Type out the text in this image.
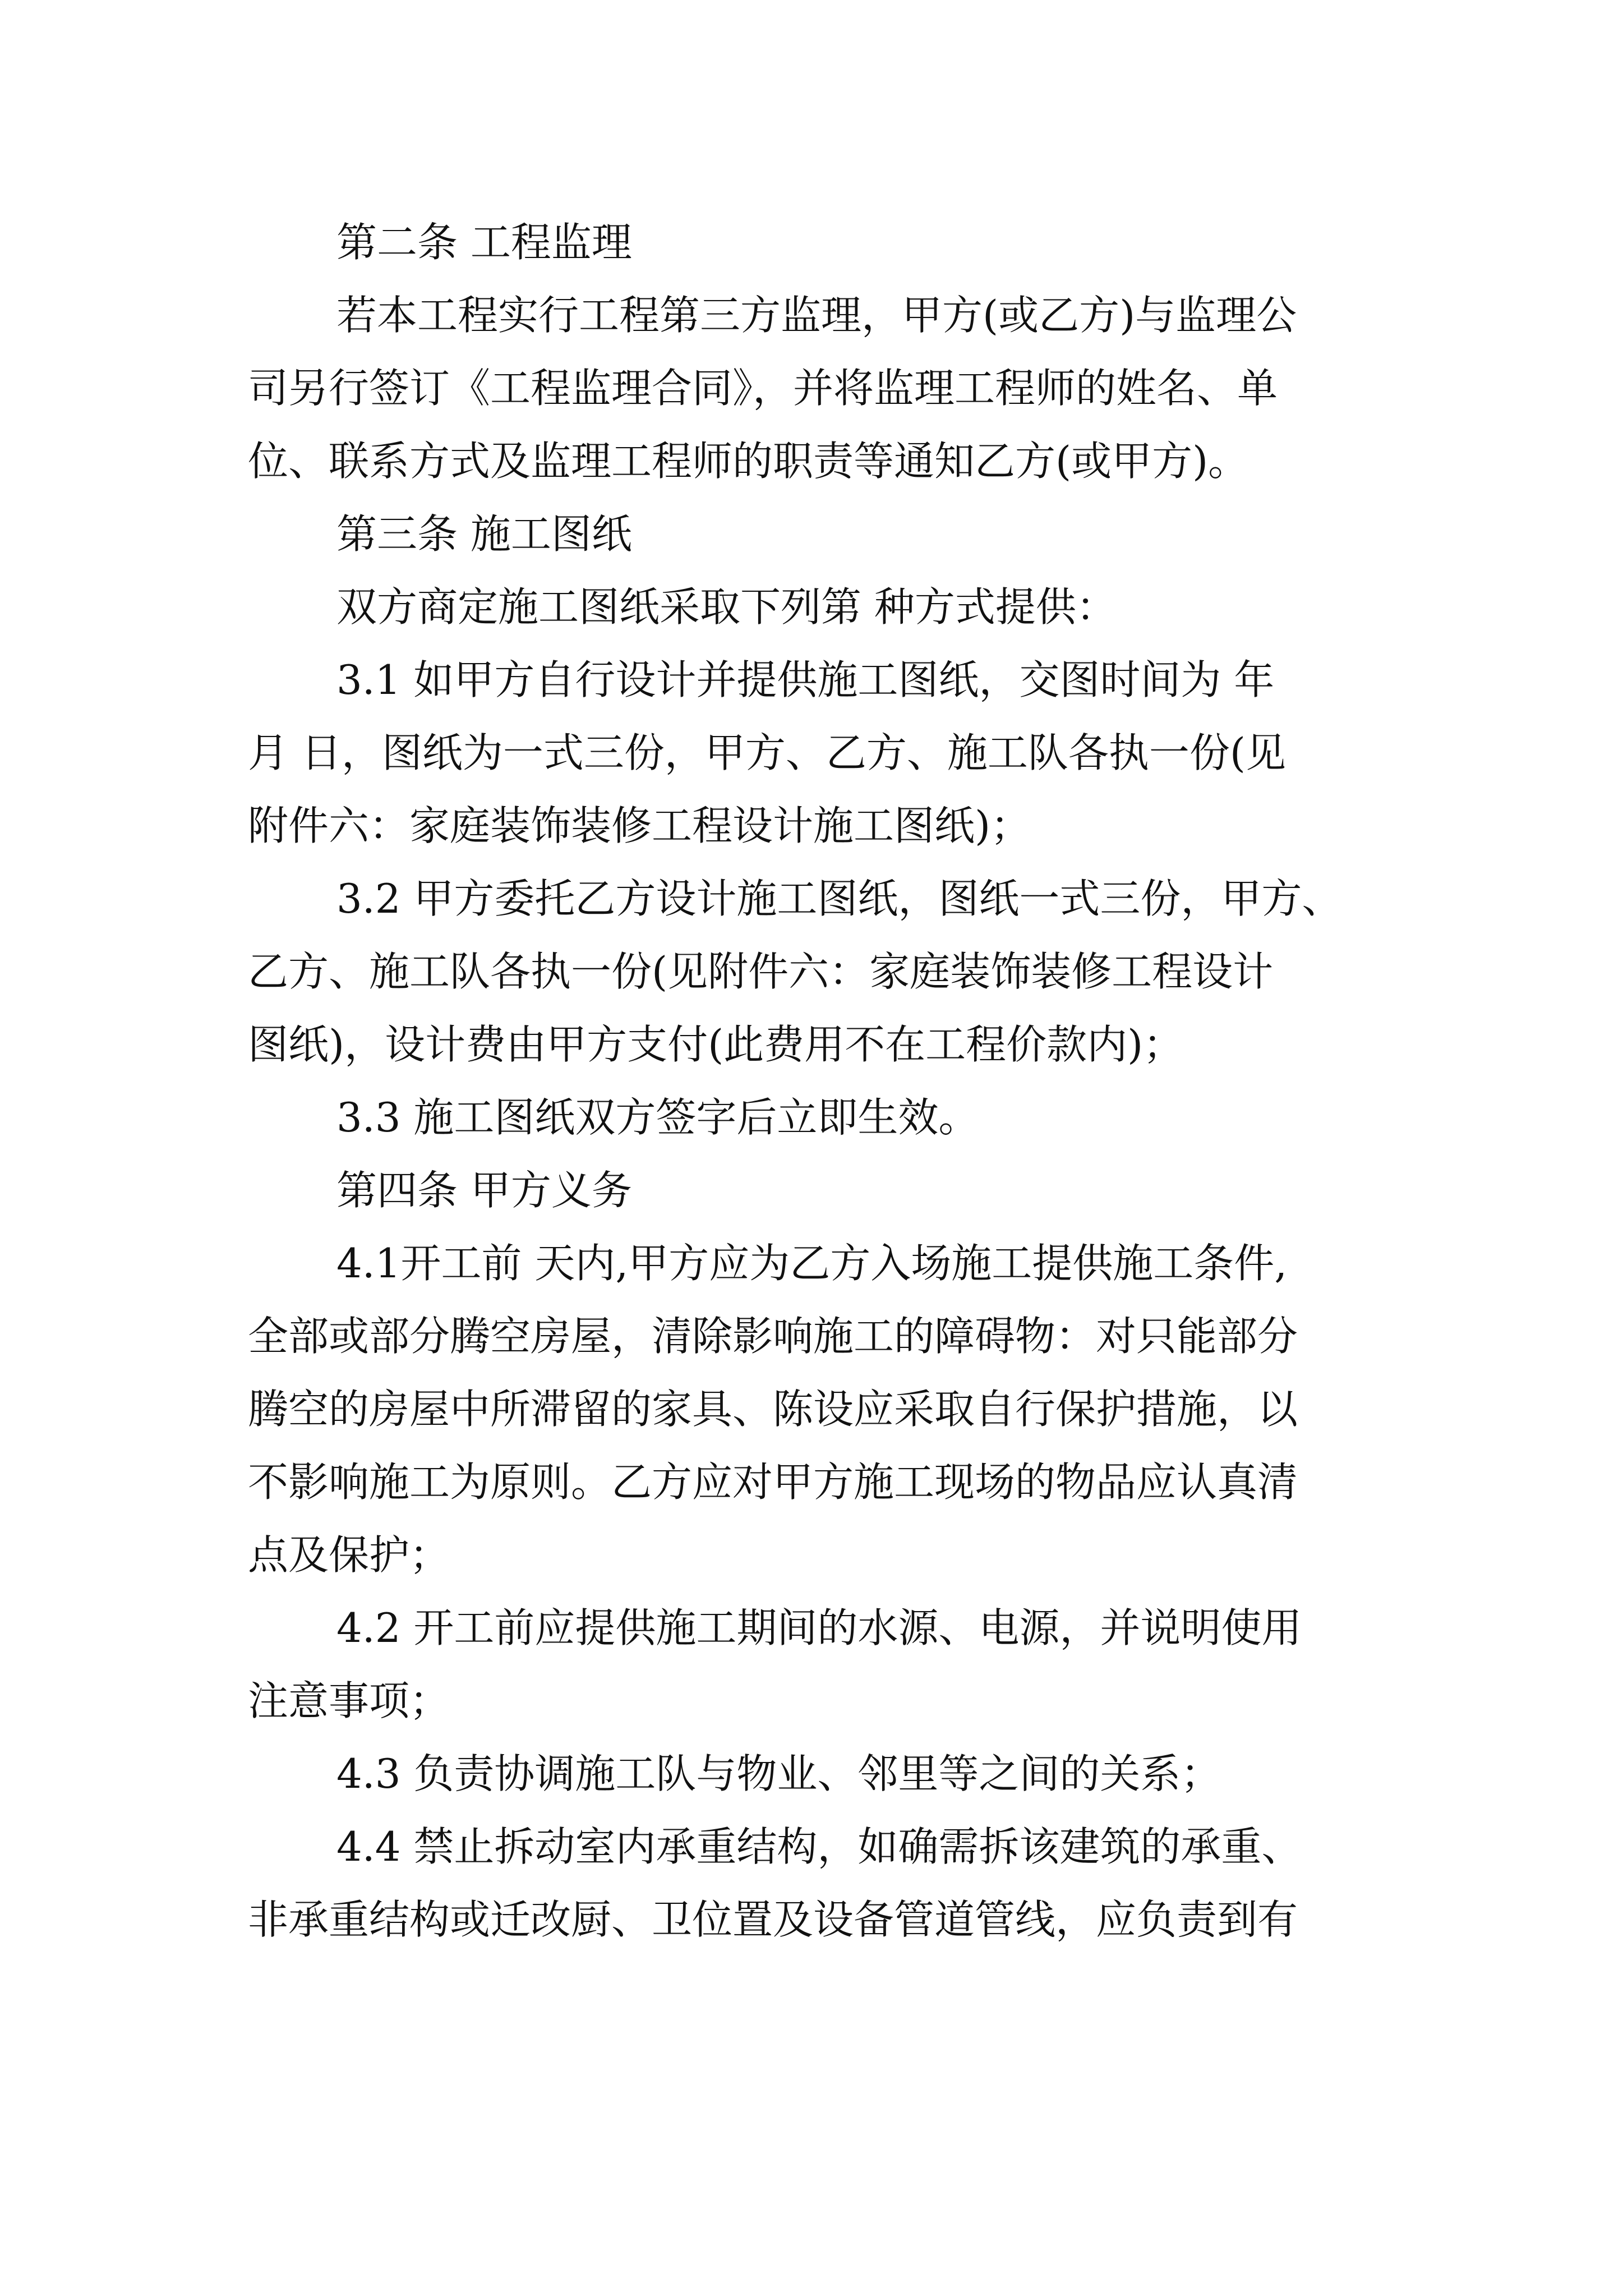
第二条 工程监理
若本工程实行工程第三方监理，甲方(或乙方)与监理公
司另行签订《工程监理合同》，并将监理工程师的姓名、单
位、联系方式及监理工程师的职责等通知乙方(或甲方)。
第三条 施工图纸
双方商定施工图纸采取下列第 种方式提供：
3.1 如甲方自行设计并提供施工图纸，交图时间为 年
月 日，图纸为一式三份，甲方、乙方、施工队各执一份(见
附件六：家庭装饰装修工程设计施工图纸)；
3.2 甲方委托乙方设计施工图纸，图纸一式三份，甲方、
乙方、施工队各执一份(见附件六：家庭装饰装修工程设计
图纸)，设计费由甲方支付(此费用不在工程价款内)；
3.3 施工图纸双方签字后立即生效。
第四条 甲方义务
4.1开工前 天内,甲方应为乙方入场施工提供施工条件,
全部或部分腾空房屋，清除影响施工的障碍物：对只能部分
腾空的房屋中所滞留的家具、陈设应采取自行保护措施，以
不影响施工为原则。乙方应对甲方施工现场的物品应认真清
点及保护；
4.2 开工前应提供施工期间的水源、电源，并说明使用
注意事项；
4.3 负责协调施工队与物业、邻里等之间的关系；
4.4 禁止拆动室内承重结构，如确需拆该建筑的承重、
非承重结构或迁改厨、卫位置及设备管道管线，应负责到有
